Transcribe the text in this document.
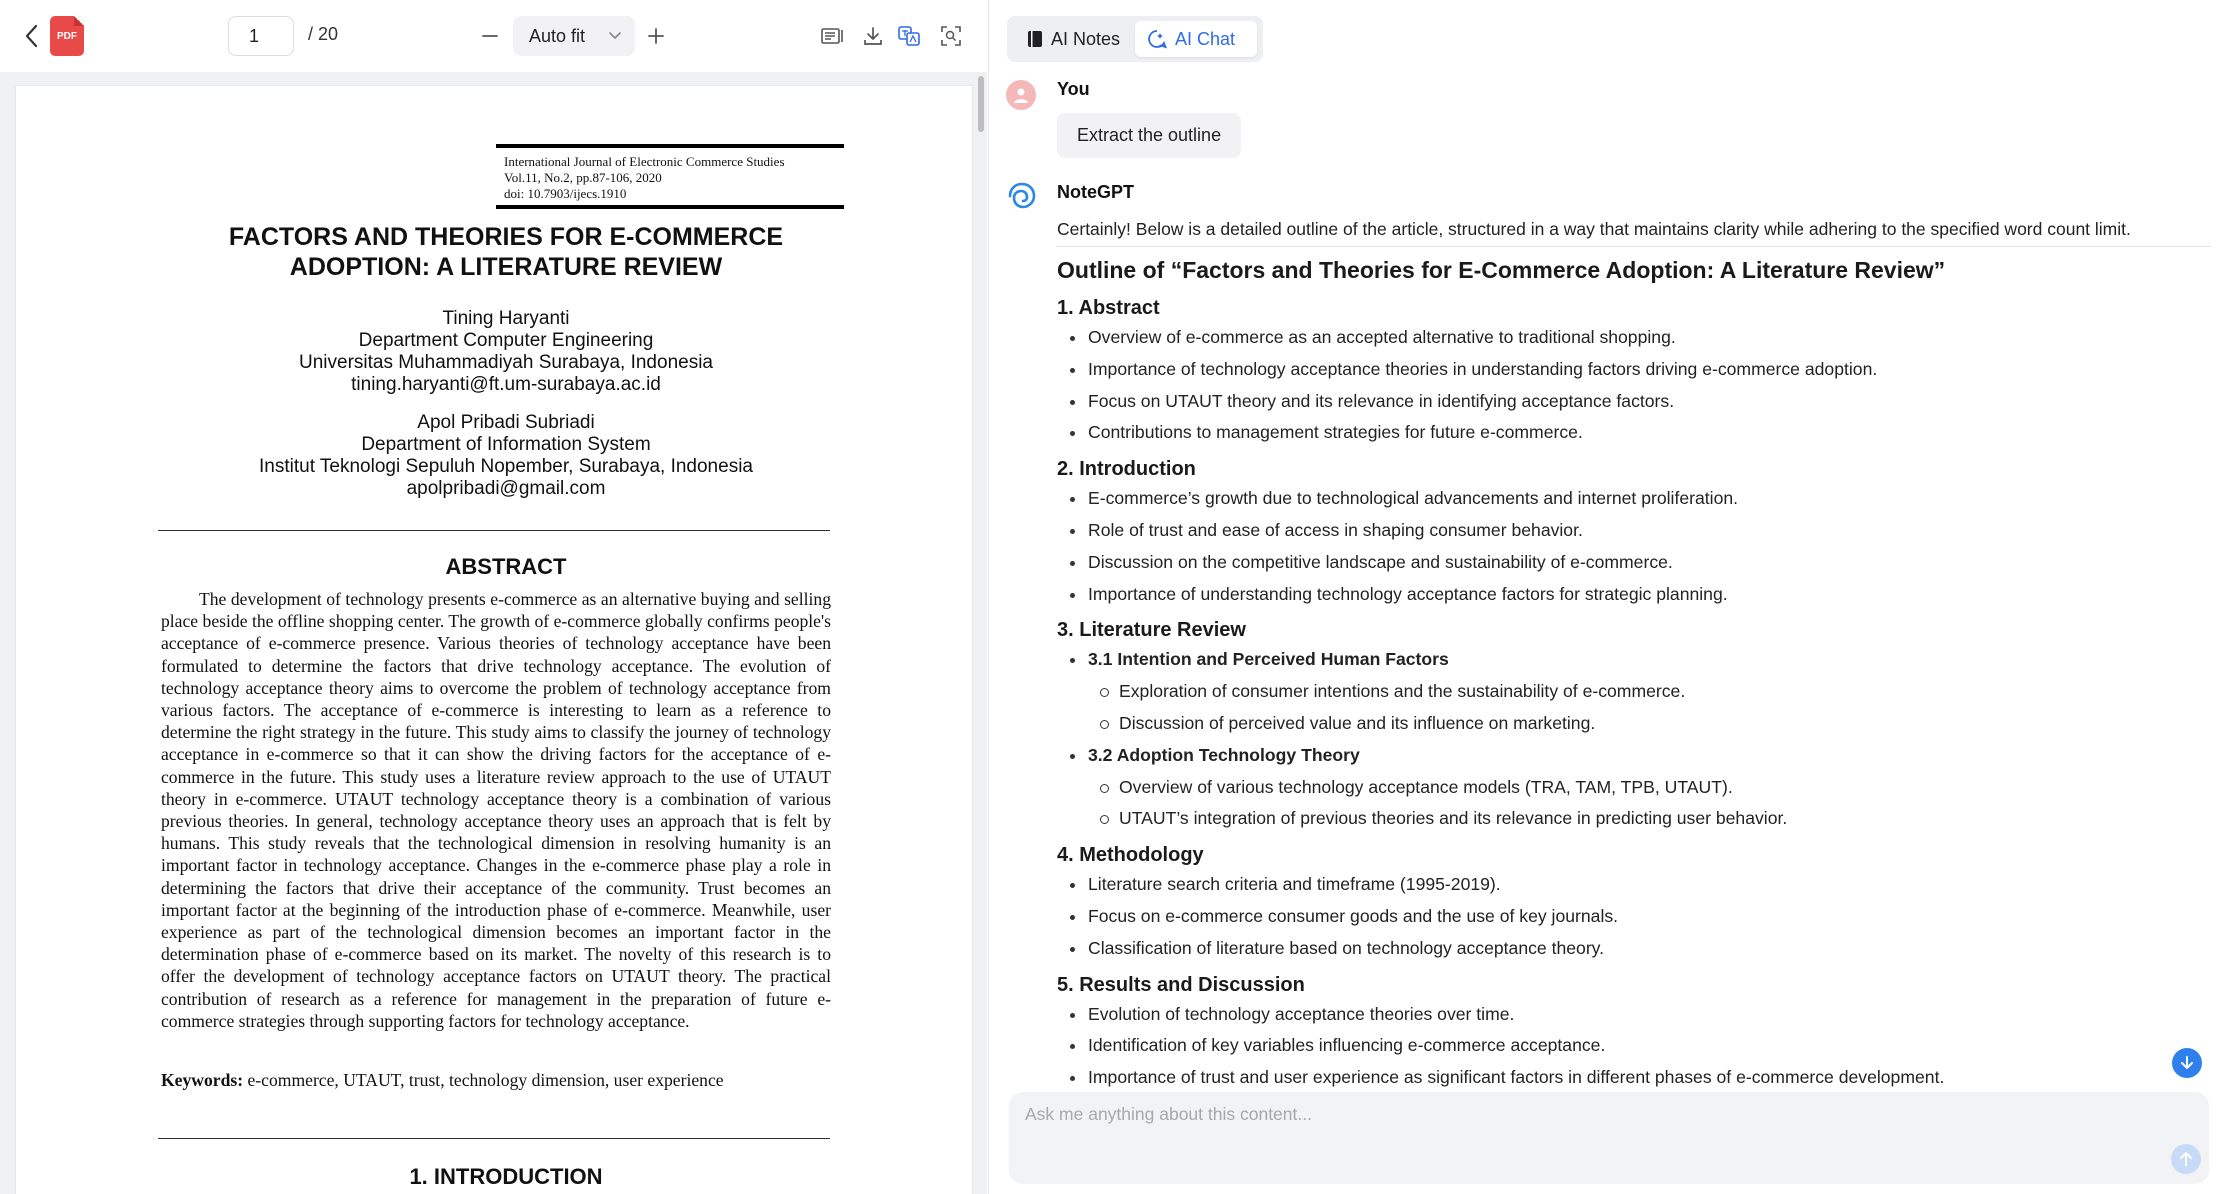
PDF
1	/ 20	Auto fit
International Journal of Electronic Commerce Studies
Vol.11, No.2, pp.87-106, 2020
doi: 10.7903/ijecs.1910
FACTORS AND THEORIES FOR E-COMMERCE
ADOPTION: A LITERATURE REVIEW
Tining Haryanti
Department Computer Engineering
Universitas Muhammadiyah Surabaya, Indonesia
tining.haryanti@ft.um-surabaya.ac.id
Apol Pribadi Subriadi
Department of Information System
Institut Teknologi Sepuluh Nopember, Surabaya, Indonesia
apolpribadi@gmail.com
ABSTRACT
The development of technology presents e-commerce as an alternative buying and selling place beside the offline shopping center. The growth of e-commerce globally confirms people's acceptance of e-commerce presence. Various theories of technology acceptance have been formulated to determine the factors that drive technology acceptance. The evolution of technology acceptance theory aims to overcome the problem of technology acceptance from various factors. The acceptance of e-commerce is interesting to learn as a reference to determine the right strategy in the future. This study aims to classify the journey of technology acceptance in e-commerce so that it can show the driving factors for the acceptance of e-commerce in the future. This study uses a literature review approach to the use of UTAUT theory in e-commerce. UTAUT technology acceptance theory is a combination of various previous theories. In general, technology acceptance theory uses an approach that is felt by humans. This study reveals that the technological dimension in resolving humanity is an important factor in technology acceptance. Changes in the e-commerce phase play a role in determining the factors that drive their acceptance of the community. Trust becomes an important factor at the beginning of the introduction phase of e-commerce. Meanwhile, user experience as part of the technological dimension becomes an important factor in the determination phase of e-commerce based on its market. The novelty of this research is to offer the development of technology acceptance factors on UTAUT theory. The practical contribution of research as a reference for management in the preparation of future e-commerce strategies through supporting factors for technology acceptance.
Keywords: e-commerce, UTAUT, trust, technology dimension, user experience
1. INTRODUCTION
AI Notes	AI Chat
You
Extract the outline
NoteGPT
Certainly! Below is a detailed outline of the article, structured in a way that maintains clarity while adhering to the specified word count limit.
Outline of “Factors and Theories for E-Commerce Adoption: A Literature Review”
1. Abstract
Overview of e-commerce as an accepted alternative to traditional shopping.
Importance of technology acceptance theories in understanding factors driving e-commerce adoption.
Focus on UTAUT theory and its relevance in identifying acceptance factors.
Contributions to management strategies for future e-commerce.
2. Introduction
E-commerce’s growth due to technological advancements and internet proliferation.
Role of trust and ease of access in shaping consumer behavior.
Discussion on the competitive landscape and sustainability of e-commerce.
Importance of understanding technology acceptance factors for strategic planning.
3. Literature Review
3.1 Intention and Perceived Human Factors
Exploration of consumer intentions and the sustainability of e-commerce.
Discussion of perceived value and its influence on marketing.
3.2 Adoption Technology Theory
Overview of various technology acceptance models (TRA, TAM, TPB, UTAUT).
UTAUT’s integration of previous theories and its relevance in predicting user behavior.
4. Methodology
Literature search criteria and timeframe (1995-2019).
Focus on e-commerce consumer goods and the use of key journals.
Classification of literature based on technology acceptance theory.
5. Results and Discussion
Evolution of technology acceptance theories over time.
Identification of key variables influencing e-commerce acceptance.
Importance of trust and user experience as significant factors in different phases of e-commerce development.
Ask me anything about this content...
